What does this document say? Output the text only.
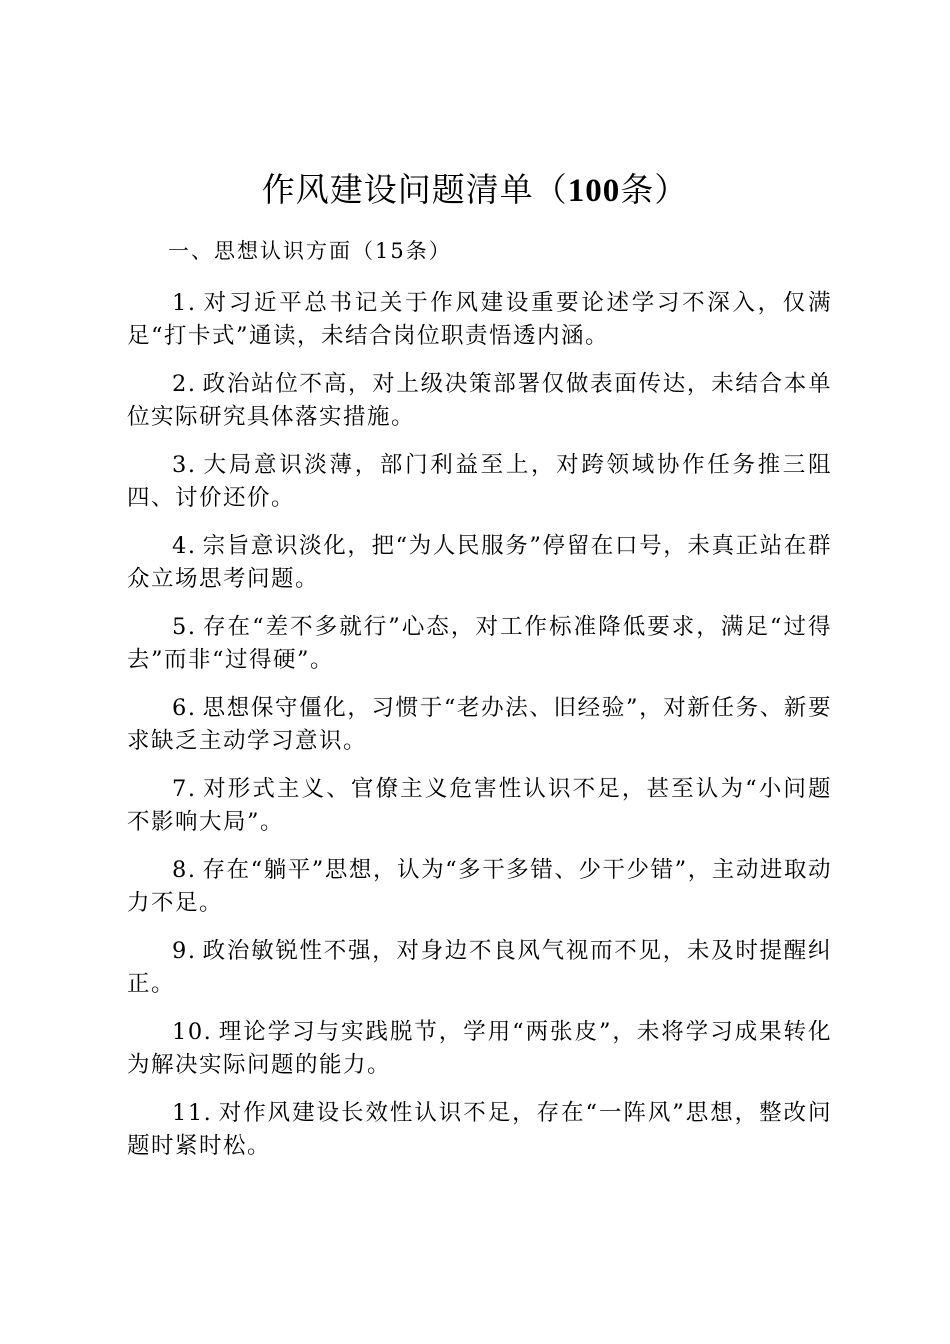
作风建设问题清单（100条）
一、思想认识方面（15条）

1. 对习近平总书记关于作风建设重要论述学习不深入，仅满足“打卡式”通读，未结合岗位职责悟透内涵。

2. 政治站位不高，对上级决策部署仅做表面传达，未结合本单位实际研究具体落实措施。

3. 大局意识淡薄，部门利益至上，对跨领域协作任务推三阻四、讨价还价。

4. 宗旨意识淡化，把“为人民服务”停留在口号，未真正站在群众立场思考问题。

5. 存在“差不多就行”心态，对工作标准降低要求，满足“过得去”而非“过得硬”。

6. 思想保守僵化，习惯于“老办法、旧经验”，对新任务、新要求缺乏主动学习意识。

7. 对形式主义、官僚主义危害性认识不足，甚至认为“小问题不影响大局”。

8. 存在“躺平”思想，认为“多干多错、少干少错”，主动进取动力不足。

9. 政治敏锐性不强，对身边不良风气视而不见，未及时提醒纠正。

10. 理论学习与实践脱节，学用“两张皮”，未将学习成果转化为解决实际问题的能力。

11. 对作风建设长效性认识不足，存在“一阵风”思想，整改问题时紧时松。
